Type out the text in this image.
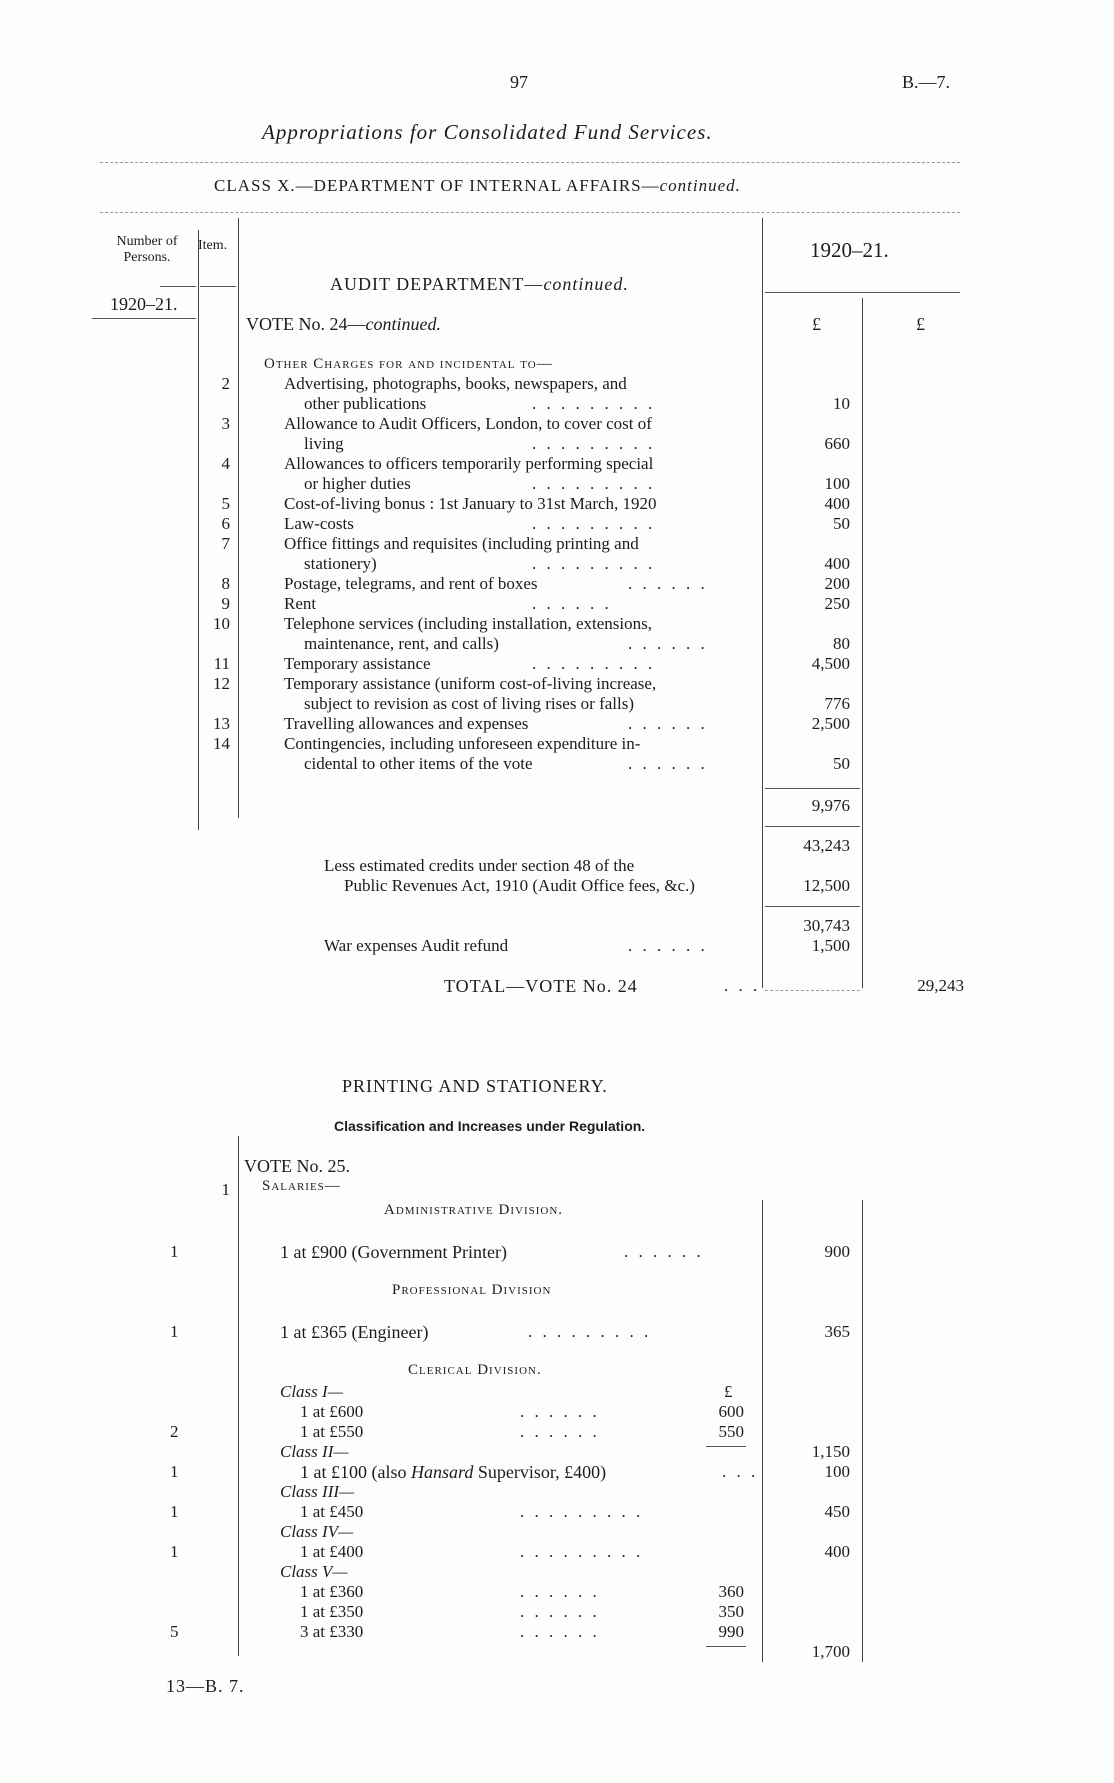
97	B.—7.
Appropriations for Consolidated Fund Services.
CLASS X.—DEPARTMENT OF INTERNAL AFFAIRS—continued.
Number of Persons.
Item.	1920–21.
1920–21.
£	£
AUDIT DEPARTMENT—continued.
VOTE No. 24—continued.
Other Charges for and incidental to—
2	Advertising, photographs, books, newspapers, and
other publications	. . . . . . . . .	10
3	Allowance to Audit Officers, London, to cover cost of
living	. . . . . . . . .	660
4	Allowances to officers temporarily performing special
or higher duties	. . . . . . . . .	100
5	Cost-of-living bonus : 1st January to 31st March, 1920	400
6	Law-costs	. . . . . . . . .	50
7	Office fittings and requisites (including printing and
stationery)	. . . . . . . . .	400
8	Postage, telegrams, and rent of boxes	. . . . . .	200
9	Rent	. . . . . .	250
10	Telephone services (including installation, extensions,
maintenance, rent, and calls)	. . . . . .	80
11	Temporary assistance	. . . . . . . . .	4,500
12	Temporary assistance (uniform cost-of-living increase,
subject to revision as cost of living rises or falls)	776
13	Travelling allowances and expenses	. . . . . .	2,500
14	Contingencies, including unforeseen expenditure in-
cidental to other items of the vote	. . . . . .	50
9,976
43,243
Less estimated credits under section 48 of the
Public Revenues Act, 1910 (Audit Office fees, &c.)	12,500
30,743
War expenses Audit refund	. . . . . .	1,500
TOTAL—VOTE No. 24	. . .	29,243
PRINTING AND STATIONERY.
Classification and Increases under Regulation.
VOTE No. 25.
1 Salaries—
Administrative Division.
1	1 at £900 (Government Printer)	. . . . . .	900
Professional Division
1	1 at £365 (Engineer)	. . . . . . . . .	365
Clerical Division.
Class I—	£
1 at £600	. . . . . .	600
2	1 at £550	. . . . . .	550
Class II—	1,150
1	1 at £100 (also Hansard Supervisor, £400)	. . .	100
Class III—
1	1 at £450	. . . . . . . . .	450
Class IV—
1	1 at £400	. . . . . . . . .	400
Class V—
1 at £360	. . . . . .	360
1 at £350	. . . . . .	350
5	3 at £330	. . . . . .	990
1,700
13—B. 7.
